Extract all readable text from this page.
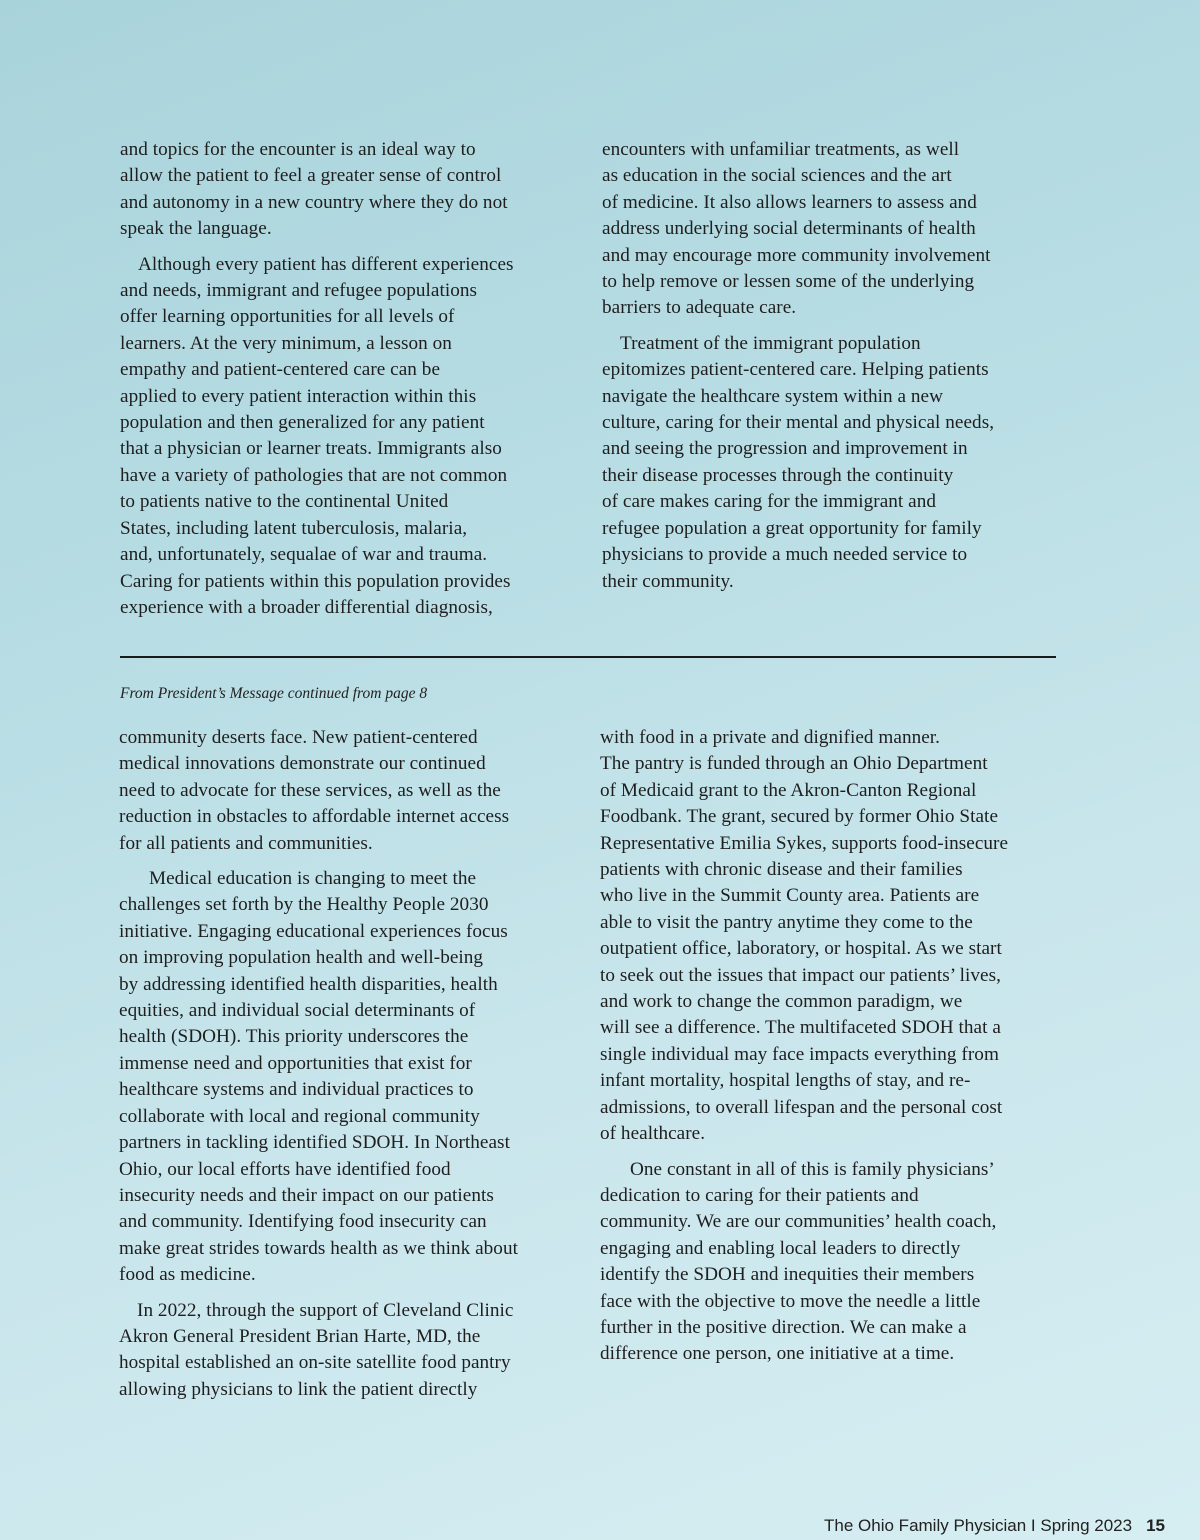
and topics for the encounter is an ideal way to
allow the patient to feel a greater sense of control
and autonomy in a new country where they do not
speak the language.

Although every patient has different experiences
and needs, immigrant and refugee populations
offer learning opportunities for all levels of
learners. At the very minimum, a lesson on
empathy and patient-centered care can be
applied to every patient interaction within this
population and then generalized for any patient
that a physician or learner treats. Immigrants also
have a variety of pathologies that are not common
to patients native to the continental United
States, including latent tuberculosis, malaria,
and, unfortunately, sequalae of war and trauma.
Caring for patients within this population provides
experience with a broader differential diagnosis,

encounters with unfamiliar treatments, as well
as education in the social sciences and the art
of medicine. It also allows learners to assess and
address underlying social determinants of health
and may encourage more community involvement
to help remove or lessen some of the underlying
barriers to adequate care.

Treatment of the immigrant population
epitomizes patient-centered care. Helping patients
navigate the healthcare system within a new
culture, caring for their mental and physical needs,
and seeing the progression and improvement in
their disease processes through the continuity
of care makes caring for the immigrant and
refugee population a great opportunity for family
physicians to provide a much needed service to
their community.

From President’s Message continued from page 8

community deserts face. New patient-centered
medical innovations demonstrate our continued
need to advocate for these services, as well as the
reduction in obstacles to affordable internet access
for all patients and communities.

Medical education is changing to meet the
challenges set forth by the Healthy People 2030
initiative. Engaging educational experiences focus
on improving population health and well-being
by addressing identified health disparities, health
equities, and individual social determinants of
health (SDOH). This priority underscores the
immense need and opportunities that exist for
healthcare systems and individual practices to
collaborate with local and regional community
partners in tackling identified SDOH. In Northeast
Ohio, our local efforts have identified food
insecurity needs and their impact on our patients
and community. Identifying food insecurity can
make great strides towards health as we think about
food as medicine.

In 2022, through the support of Cleveland Clinic
Akron General President Brian Harte, MD, the
hospital established an on-site satellite food pantry
allowing physicians to link the patient directly

with food in a private and dignified manner.
The pantry is funded through an Ohio Department
of Medicaid grant to the Akron-Canton Regional
Foodbank. The grant, secured by former Ohio State
Representative Emilia Sykes, supports food-insecure
patients with chronic disease and their families
who live in the Summit County area. Patients are
able to visit the pantry anytime they come to the
outpatient office, laboratory, or hospital. As we start
to seek out the issues that impact our patients’ lives,
and work to change the common paradigm, we
will see a difference. The multifaceted SDOH that a
single individual may face impacts everything from
infant mortality, hospital lengths of stay, and re-
admissions, to overall lifespan and the personal cost
of healthcare.

One constant in all of this is family physicians’
dedication to caring for their patients and
community. We are our communities’ health coach,
engaging and enabling local leaders to directly
identify the SDOH and inequities their members
face with the objective to move the needle a little
further in the positive direction. We can make a
difference one person, one initiative at a time.

The Ohio Family Physician I Spring 2023 15
